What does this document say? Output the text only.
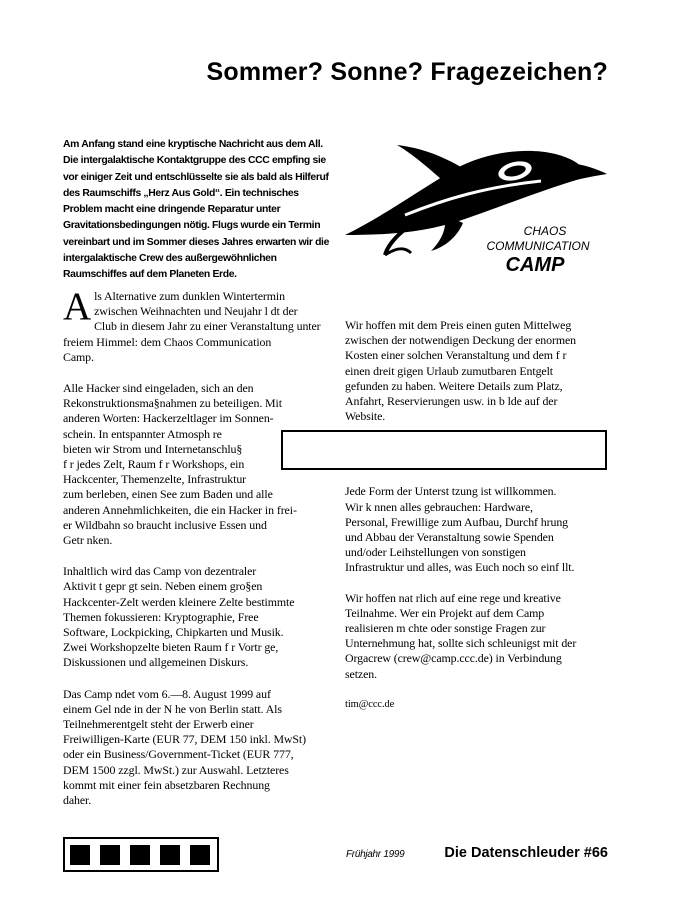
Sommer? Sonne? Fragezeichen?
Am Anfang stand eine kryptische Nachricht aus dem All. Die intergalaktische Kontaktgruppe des CCC empfing sie vor einiger Zeit und entschlüsselte sie als bald als Hilferuf des Raumschiffs „Herz Aus Gold“. Ein technisches Problem macht eine dringende Reparatur unter Gravitationsbedingungen nötig. Flugs wurde ein Termin vereinbart und im Sommer dieses Jahres erwarten wir die intergalaktische Crew des außergewöhnlichen Raumschiffes auf dem Planeten Erde.
CHAOS
COMMUNICATION
CAMP

Als Alternative zum dunklen Wintertermin
zwischen Weihnachten und Neujahr l dt der
Club in diesem Jahr zu einer Veranstaltung unter
freiem Himmel: dem Chaos Communication
Camp.

Alle Hacker sind eingeladen, sich an den
Rekonstruktionsma§nahmen zu beteiligen. Mit
anderen Worten: Hackerzeltlager im Sonnen-
schein. In entspannter Atmosph re
bieten wir Strom und Internetanschlu§
f r jedes Zelt, Raum f r Workshops, ein
Hackcenter, Themenzelte, Infrastruktur
zum berleben, einen See zum Baden und alle
anderen Annehmlichkeiten, die ein Hacker in frei-
er Wildbahn so braucht inclusive Essen und
Getr nken.

Inhaltlich wird das Camp von dezentraler
Aktivit t gepr gt sein. Neben einem gro§en
Hackcenter-Zelt werden kleinere Zelte bestimmte
Themen fokussieren: Kryptographie, Free
Software, Lockpicking, Chipkarten und Musik.
Zwei Workshopzelte bieten Raum f r Vortr ge,
Diskussionen und allgemeinen Diskurs.

Das Camp ndet vom 6.—8. August 1999 auf
einem Gel nde in der N he von Berlin statt. Als
Teilnehmerentgelt steht der Erwerb einer
Freiwilligen-Karte (EUR 77, DEM 150 inkl. MwSt)
oder ein Business/Government-Ticket (EUR 777,
DEM 1500 zzgl. MwSt.) zur Auswahl. Letzteres
kommt mit einer fein absetzbaren Rechnung
daher.

Wir hoffen mit dem Preis einen guten Mittelweg
zwischen der notwendigen Deckung der enormen
Kosten einer solchen Veranstaltung und dem f r
einen dreit gigen Urlaub zumutbaren Entgelt
gefunden zu haben. Weitere Details zum Platz,
Anfahrt, Reservierungen usw. in b lde auf der
Website.

Jede Form der Unterst tzung ist willkommen.
Wir k nnen alles gebrauchen: Hardware,
Personal, Frewillige zum Aufbau, Durchf hrung
und Abbau der Veranstaltung sowie Spenden
und/oder Leihstellungen von sonstigen
Infrastruktur und alles, was Euch noch so einf llt.

Wir hoffen nat rlich auf eine rege und kreative
Teilnahme. Wer ein Projekt auf dem Camp
realisieren m chte oder sonstige Fragen zur
Unternehmung hat, sollte sich schleunigst mit der
Orgacrew (crew@camp.ccc.de) in Verbindung
setzen.

tim@ccc.de

Frühjahr 1999	Die Datenschleuder #66
